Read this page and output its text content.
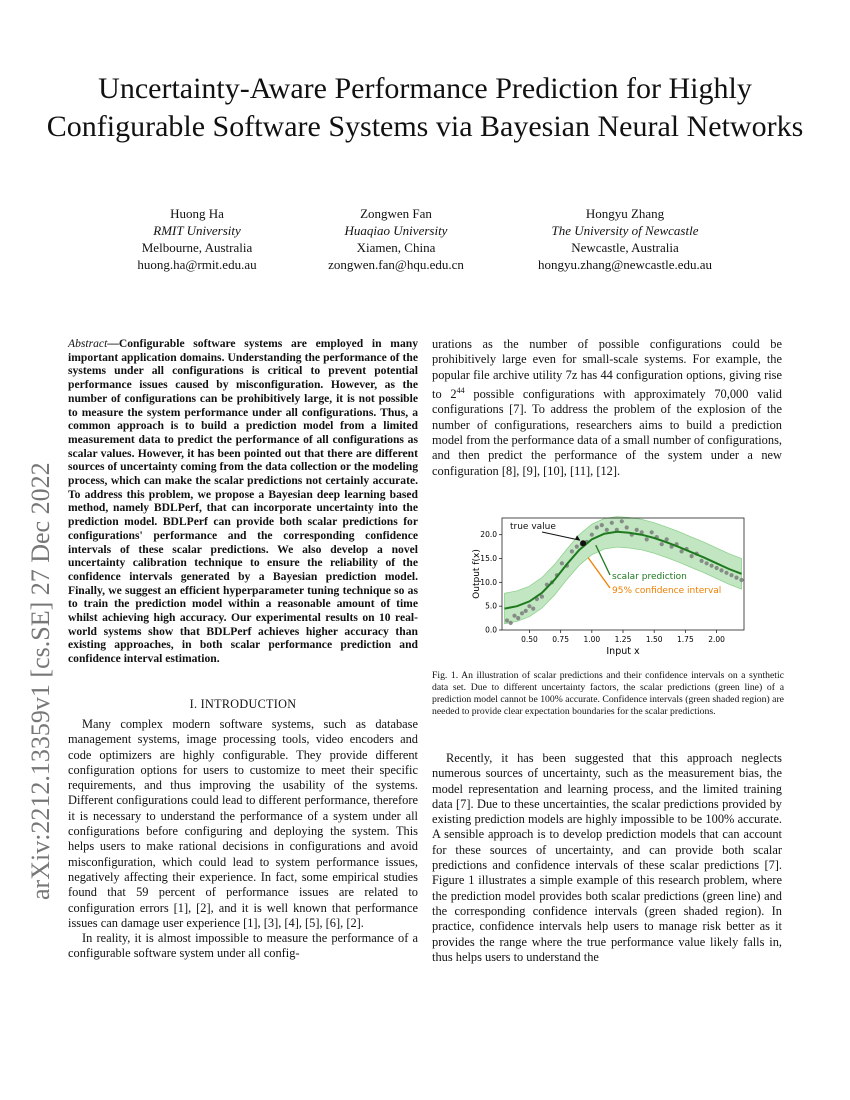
Uncertainty-Aware Performance Prediction for Highly Configurable Software Systems via Bayesian Neural Networks
Huong Ha
RMIT University
Melbourne, Australia
huong.ha@rmit.edu.au
Zongwen Fan
Huaqiao University
Xiamen, China
zongwen.fan@hqu.edu.cn
Hongyu Zhang
The University of Newcastle
Newcastle, Australia
hongyu.zhang@newcastle.edu.au
arXiv:2212.13359v1 [cs.SE] 27 Dec 2022
Abstract—Configurable software systems are employed in many important application domains. Understanding the performance of the systems under all configurations is critical to prevent potential performance issues caused by misconfiguration. However, as the number of configurations can be prohibitively large, it is not possible to measure the system performance under all configurations. Thus, a common approach is to build a prediction model from a limited measurement data to predict the performance of all configurations as scalar values. However, it has been pointed out that there are different sources of uncertainty coming from the data collection or the modeling process, which can make the scalar predictions not certainly accurate. To address this problem, we propose a Bayesian deep learning based method, namely BDLPerf, that can incorporate uncertainty into the prediction model. BDLPerf can provide both scalar predictions for configurations' performance and the corresponding confidence intervals of these scalar predictions. We also develop a novel uncertainty calibration technique to ensure the reliability of the confidence intervals generated by a Bayesian prediction model. Finally, we suggest an efficient hyperparameter tuning technique so as to train the prediction model within a reasonable amount of time whilst achieving high accuracy. Our experimental results on 10 real-world systems show that BDLPerf achieves higher accuracy than existing approaches, in both scalar performance prediction and confidence interval estimation.
I. INTRODUCTION

Many complex modern software systems, such as database management systems, image processing tools, video encoders and code optimizers are highly configurable. They provide different configuration options for users to customize to meet their specific requirements, and thus improving the usability of the systems. Different configurations could lead to different performance, therefore it is necessary to understand the performance of a system under all configurations before configuring and deploying the system. This helps users to make rational decisions in configurations and avoid misconfiguration, which could lead to system performance issues, negatively affecting their experience. In fact, some empirical studies found that 59 percent of performance issues are related to configuration errors [1], [2], and it is well known that performance issues can damage user experience [1], [3], [4], [5], [6], [2].

In reality, it is almost impossible to measure the performance of a configurable software system under all config-

urations as the number of possible configurations could be prohibitively large even for small-scale systems. For example, the popular file archive utility 7z has 44 configuration options, giving rise to $2^{44}$ possible configurations with approximately 70,000 valid configurations [7]. To address the problem of the explosion of the number of configurations, researchers aims to build a prediction model from the performance data of a small number of configurations, and then predict the performance of the system under a new configuration [8], [9], [10], [11], [12].
0.50 0.75 1.00 1.25 1.50 1.75 2.00
0.0
5.0
10.0
15.0
20.0
Output f(x)
Input x
true value
scalar prediction
95% confidence interval
Fig. 1. An illustration of scalar predictions and their confidence intervals on a synthetic data set. Due to different uncertainty factors, the scalar predictions (green line) of a prediction model cannot be 100% accurate. Confidence intervals (green shaded region) are needed to provide clear expectation boundaries for the scalar predictions.

Recently, it has been suggested that this approach neglects numerous sources of uncertainty, such as the measurement bias, the model representation and learning process, and the limited training data [7]. Due to these uncertainties, the scalar predictions provided by existing prediction models are highly impossible to be 100% accurate. A sensible approach is to develop prediction models that can account for these sources of uncertainty, and can provide both scalar predictions and confidence intervals of these scalar predictions [7]. Figure 1 illustrates a simple example of this research problem, where the prediction model provides both scalar predictions (green line) and the corresponding confidence intervals (green shaded region). In practice, confidence intervals help users to manage risk better as it provides the range where the true performance value likely falls in, thus helps users to understand the
